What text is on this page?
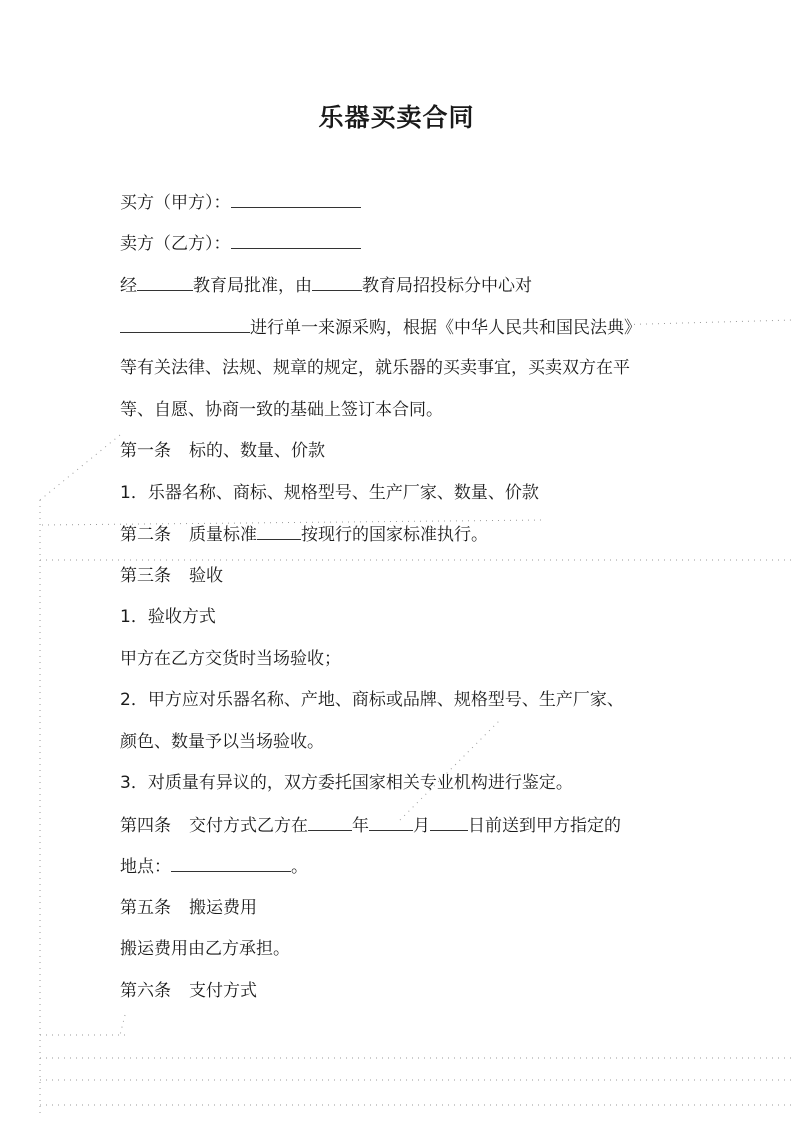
乐器买卖合同
买方（甲方）：
卖方（乙方）：
经	教育局批准，由	教育局招投标分中心对
进行单一来源采购，根据《中华人民共和国民法典》
等有关法律、法规、规章的规定，就乐器的买卖事宜，买卖双方在平
等、自愿、协商一致的基础上签订本合同。
第一条 标的、数量、价款
1．乐器名称、商标、规格型号、生产厂家、数量、价款
第二条 质量标准	按现行的国家标准执行。
第三条 验收
1．验收方式
甲方在乙方交货时当场验收；
2．甲方应对乐器名称、产地、商标或品牌、规格型号、生产厂家、
颜色、数量予以当场验收。
3．对质量有异议的，双方委托国家相关专业机构进行鉴定。
第四条 交付方式乙方在	年	月 日前送到甲方指定的
地点：	。
第五条 搬运费用
搬运费用由乙方承担。
第六条 支付方式
